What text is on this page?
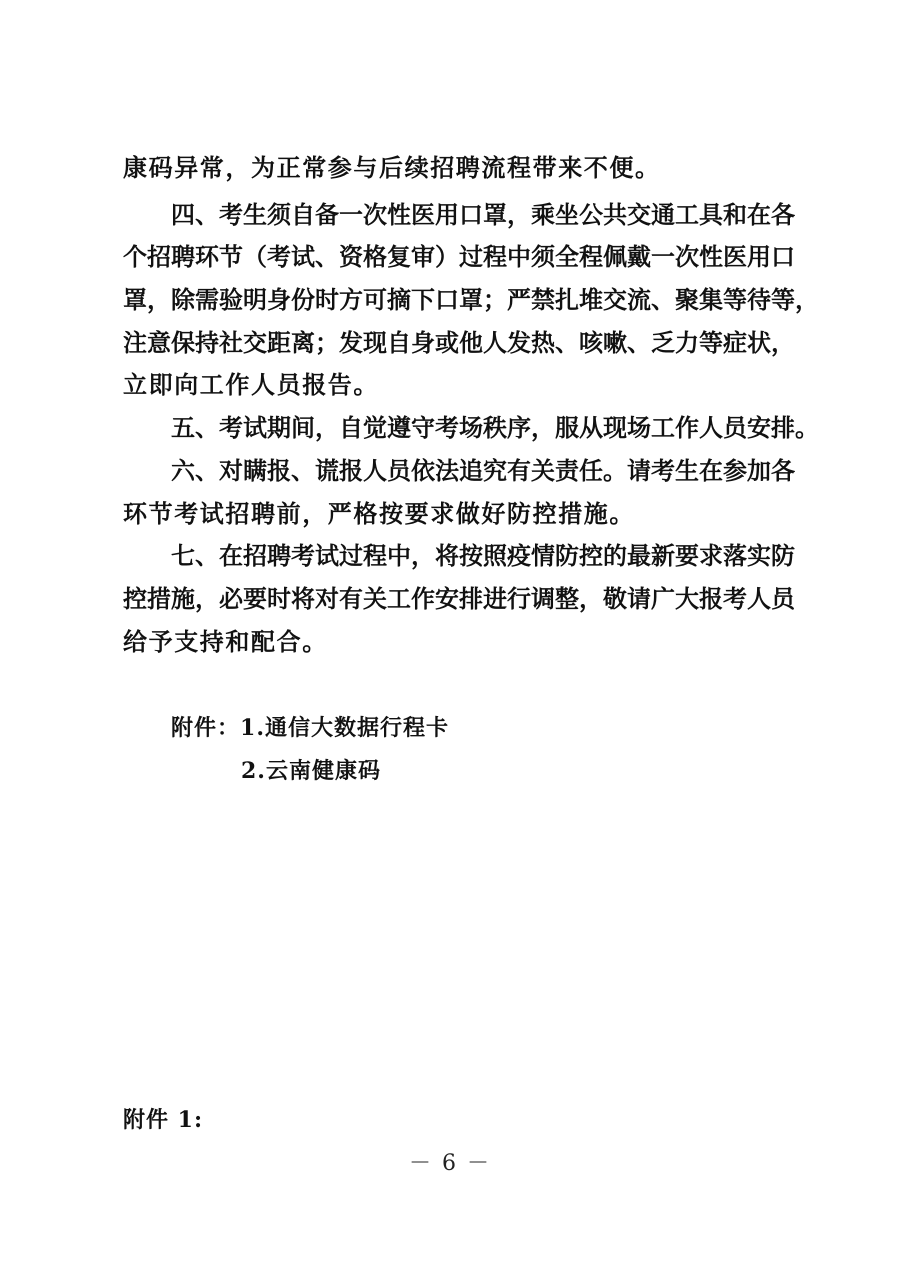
康码异常，为正常参与后续招聘流程带来不便。
四、考生须自备一次性医用口罩，乘坐公共交通工具和在各
个招聘环节（考试、资格复审）过程中须全程佩戴一次性医用口
罩，除需验明身份时方可摘下口罩；严禁扎堆交流、聚集等待等，
注意保持社交距离；发现自身或他人发热、咳嗽、乏力等症状，
立即向工作人员报告。
五、考试期间，自觉遵守考场秩序，服从现场工作人员安排。
六、对瞒报、谎报人员依法追究有关责任。请考生在参加各
环节考试招聘前，严格按要求做好防控措施。
七、在招聘考试过程中，将按照疫情防控的最新要求落实防
控措施，必要时将对有关工作安排进行调整，敬请广大报考人员
给予支持和配合。
附件：1.通信大数据行程卡
2.云南健康码
附件 1:
－ 6 －
